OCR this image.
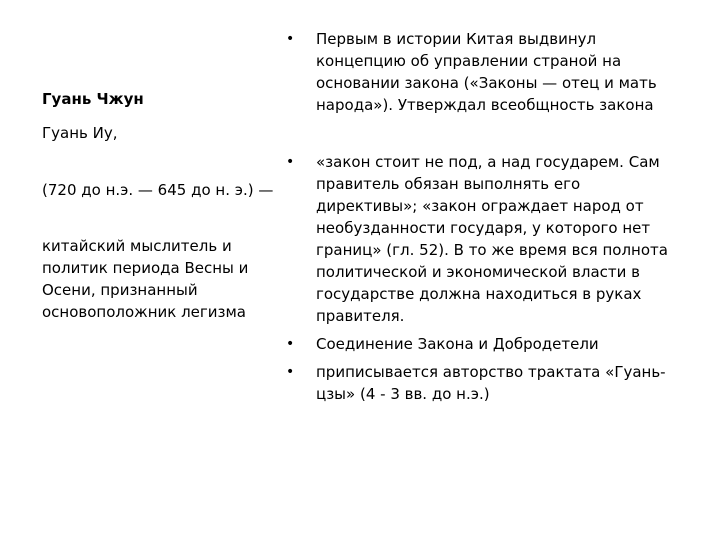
Гуань Чжун

Гуань Иу,

(720 до н.э. — 645 до н. э.) —

китайский мыслитель и политик периода Весны и Осени, признанный основоположник легизма

•	Первым в истории Китая выдвинул концепцию об управлении страной на основании закона («Законы — отец и мать народа»). Утверждал всеобщность закона
•	«закон стоит не под, а над государем. Сам правитель обязан выполнять его директивы»; «закон ограждает народ от необузданности государя, у которого нет границ» (гл. 52). В то же время вся полнота политической и экономической власти в государстве должна находиться в руках правителя.
•	Соединение Закона и Добродетели
•	приписывается авторство трактата «Гуань-цзы» (4 - 3 вв. до н.э.)
